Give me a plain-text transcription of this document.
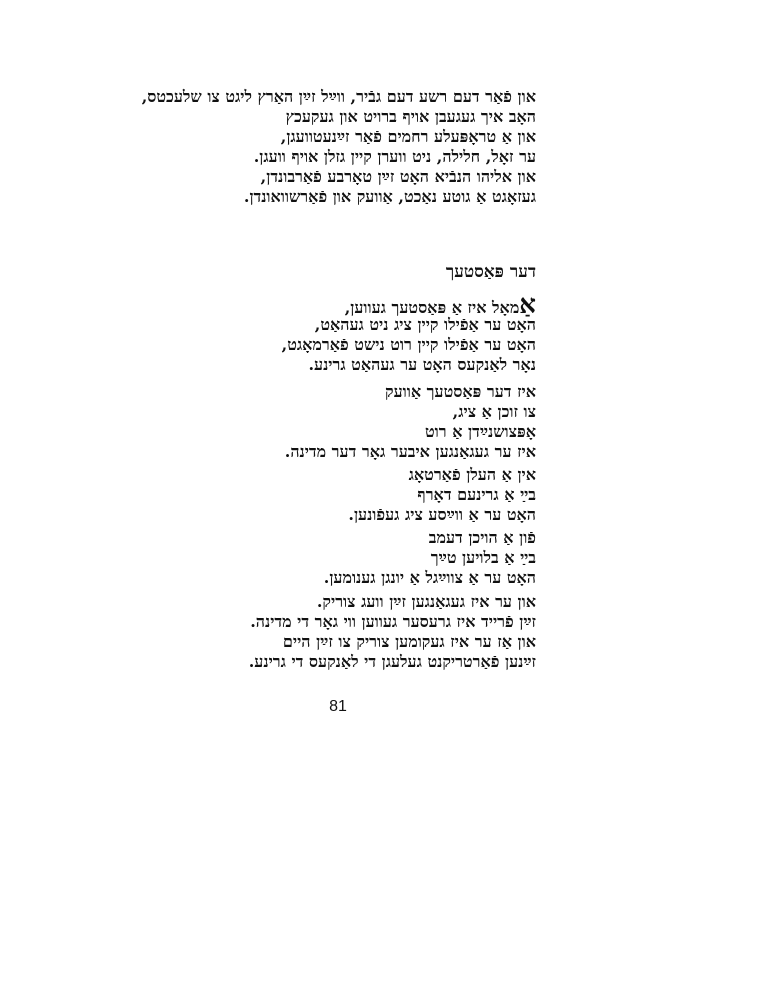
און פֿאַר דעם רשע דעם גבֿיר, ווײַל זײַן האַרץ ליגט צו שלעכטס,
האָב איך געגעבן אויף ברויט און געקעכץ
און אַ טראָפּעלע רחמים פֿאַר זײַנעטוועגן,
ער זאָל, חלילה, ניט ווערן קיין גזלן אויף וועגן.
און אליהו הנבֿיא האָט זײַן טאָרבע פֿאַרבונדן,
געזאָגט אַ גוטע נאַכט, אַוועק און פֿאַרשוואונדן.
דער פּאַסטעך
אַמאָל איז אַ פּאַסטעך געווען,
האָט ער אַפֿילו קיין ציג ניט געהאַט,
האָט ער אַפֿילו קיין רוט נישט פֿאַרמאָגט,
נאָר לאַנקעס האָט ער געהאַט גרינע.
איז דער פּאַסטעך אַוועק
צו זוכן אַ ציג,
אָפּצושנײַדן אַ רוט
איז ער געגאַנגען איבער גאָר דער מדינה.
אין אַ העלן פֿאַרטאָג
בײַ אַ גרינעם דאָרף
האָט ער אַ ווײַסע ציג געפֿונען.
פֿון אַ הויכן דעמב
בײַ אַ בלויען טײַך
האָט ער אַ צווײַגל אַ יונגן גענומען.
און ער איז געגאַנגען זײַן וועג צוריק.
זײַן פֿרייד איז גרעסער געווען ווי גאָר די מדינה.
און אַז ער איז געקומען צוריק צו זײַן היים
זײַנען פֿאַרטריקנט געלעגן די לאַנקעס די גרינע.
81
